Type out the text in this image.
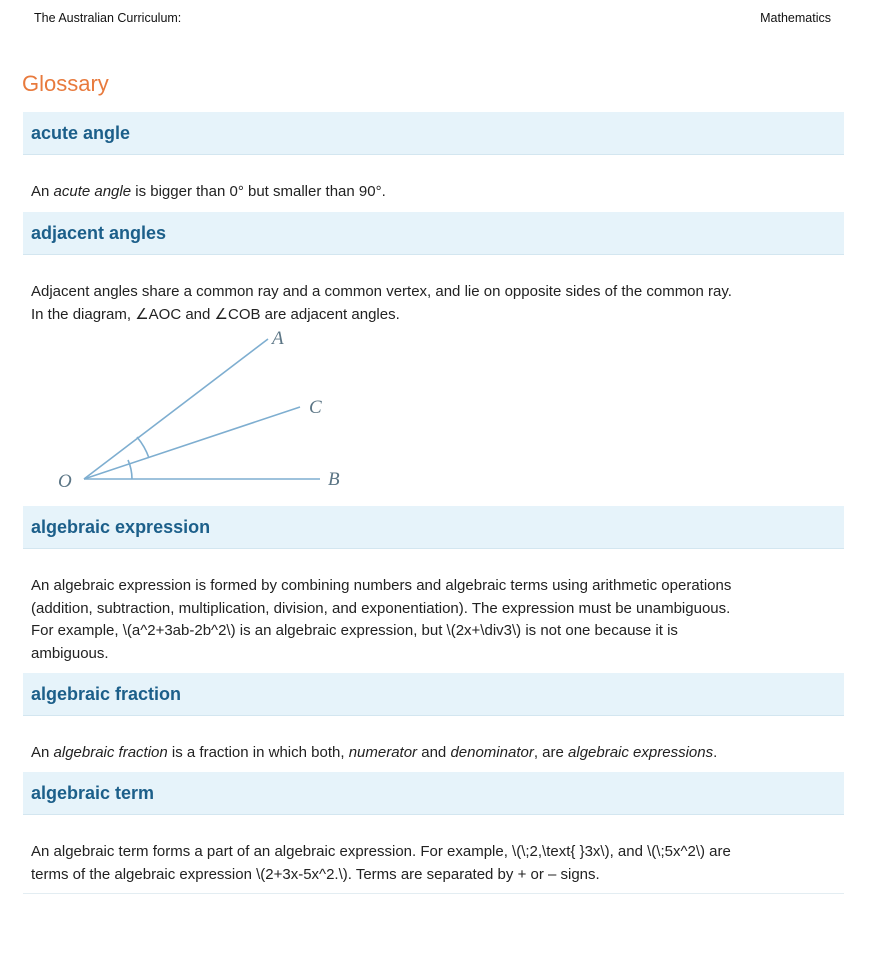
The Australian Curriculum:	Mathematics
Glossary
acute angle

An acute angle is bigger than 0° but smaller than 90°.

adjacent angles

Adjacent angles share a common ray and a common vertex, and lie on opposite sides of the common ray.
In the diagram, ∠AOC and ∠COB are adjacent angles.

O
A
C
B
algebraic expression

An algebraic expression is formed by combining numbers and algebraic terms using arithmetic operations
(addition, subtraction, multiplication, division, and exponentiation). The expression must be unambiguous.
For example, \(a^2+3ab-2b^2\) is an algebraic expression, but \(2x+\div3\) is not one because it is
ambiguous.

algebraic fraction

An algebraic fraction is a fraction in which both, numerator and denominator, are algebraic expressions.

algebraic term

An algebraic term forms a part of an algebraic expression. For example, \(\;2,\text{ }3x\), and \(\;5x^2\) are
terms of the algebraic expression \(2+3x-5x^2.\). Terms are separated by + or – signs.
